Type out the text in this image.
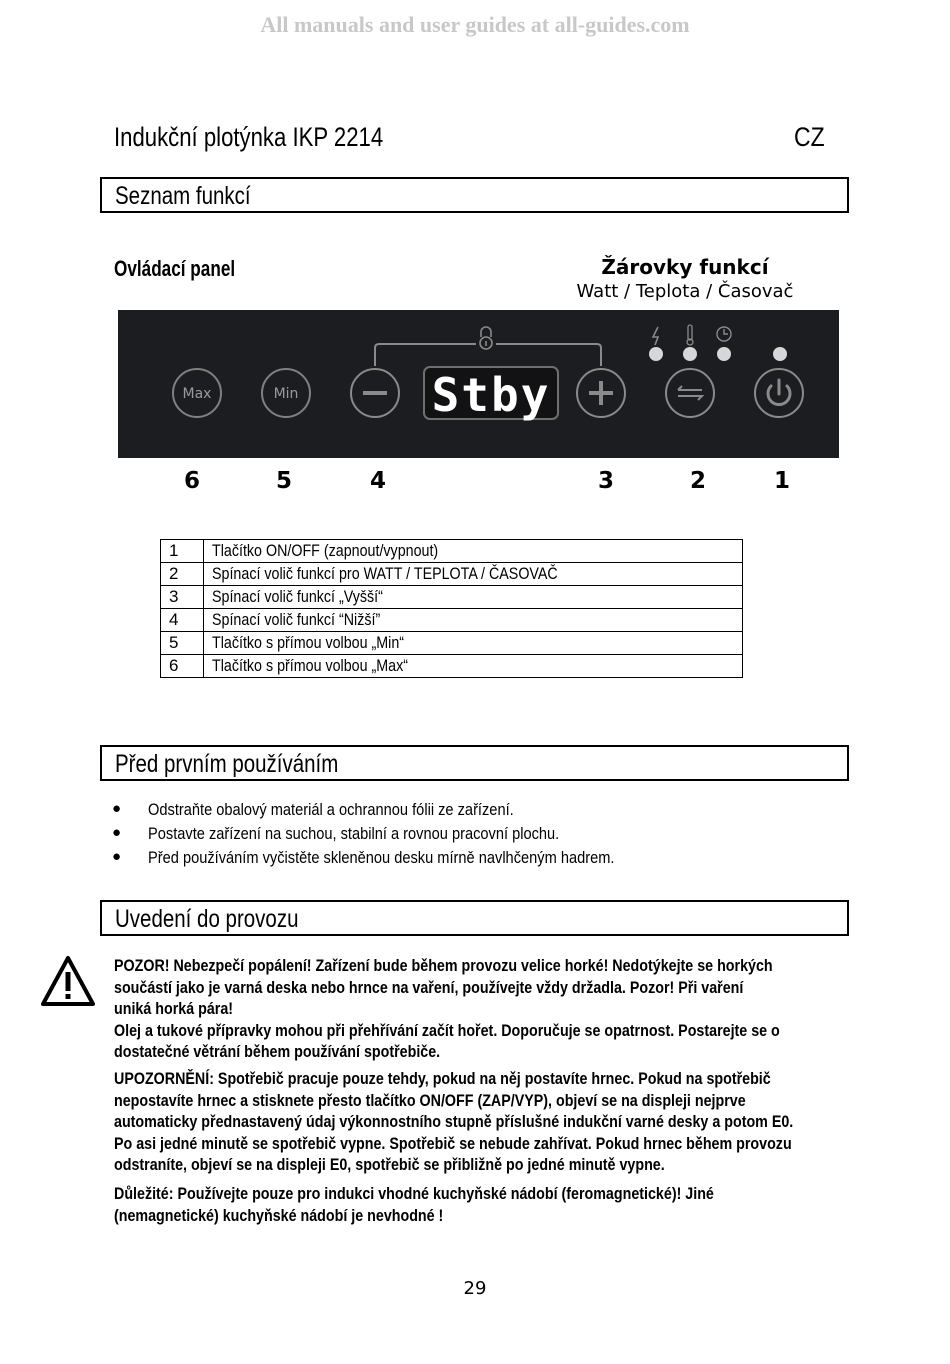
All manuals and user guides at all-guides.com
Indukční plotýnka IKP 2214	CZ
Seznam funkcí
Ovládací panel	Žárovky funkcí
Watt / Teplota / Časovač
Max	Min	Stby
6	5	4	3	2	1
1	Tlačítko ON/OFF (zapnout/vypnout)
2	Spínací volič funkcí pro WATT / TEPLOTA / ČASOVAČ
3	Spínací volič funkcí „Vyšší“
4	Spínací volič funkcí “Nižší”
5	Tlačítko s přímou volbou „Min“
6	Tlačítko s přímou volbou „Max“
Před prvním používáním
● Odstraňte obalový materiál a ochrannou fólii ze zařízení.
● Postavte zařízení na suchou, stabilní a rovnou pracovní plochu.
● Před používáním vyčistěte skleněnou desku mírně navlhčeným hadrem.
Uvedení do provozu

POZOR! Nebezpečí popálení! Zařízení bude během provozu velice horké! Nedotýkejte se horkých

součástí jako je varná deska nebo hrnce na vaření, používejte vždy držadla. Pozor! Při vaření

uniká horká pára!

Olej a tukové přípravky mohou při přehřívání začít hořet. Doporučuje se opatrnost. Postarejte se o

dostatečné větrání během používání spotřebiče.

UPOZORNĚNÍ: Spotřebič pracuje pouze tehdy, pokud na něj postavíte hrnec. Pokud na spotřebič

nepostavíte hrnec a stisknete přesto tlačítko ON/OFF (ZAP/VYP), objeví se na displeji nejprve

automaticky přednastavený údaj výkonnostního stupně příslušné indukční varné desky a potom E0.

Po asi jedné minutě se spotřebič vypne. Spotřebič se nebude zahřívat. Pokud hrnec během provozu

odstraníte, objeví se na displeji E0, spotřebič se přibližně po jedné minutě vypne.

Důležité: Používejte pouze pro indukci vhodné kuchyňské nádobí (feromagnetické)! Jiné

(nemagnetické) kuchyňské nádobí je nevhodné !

29
